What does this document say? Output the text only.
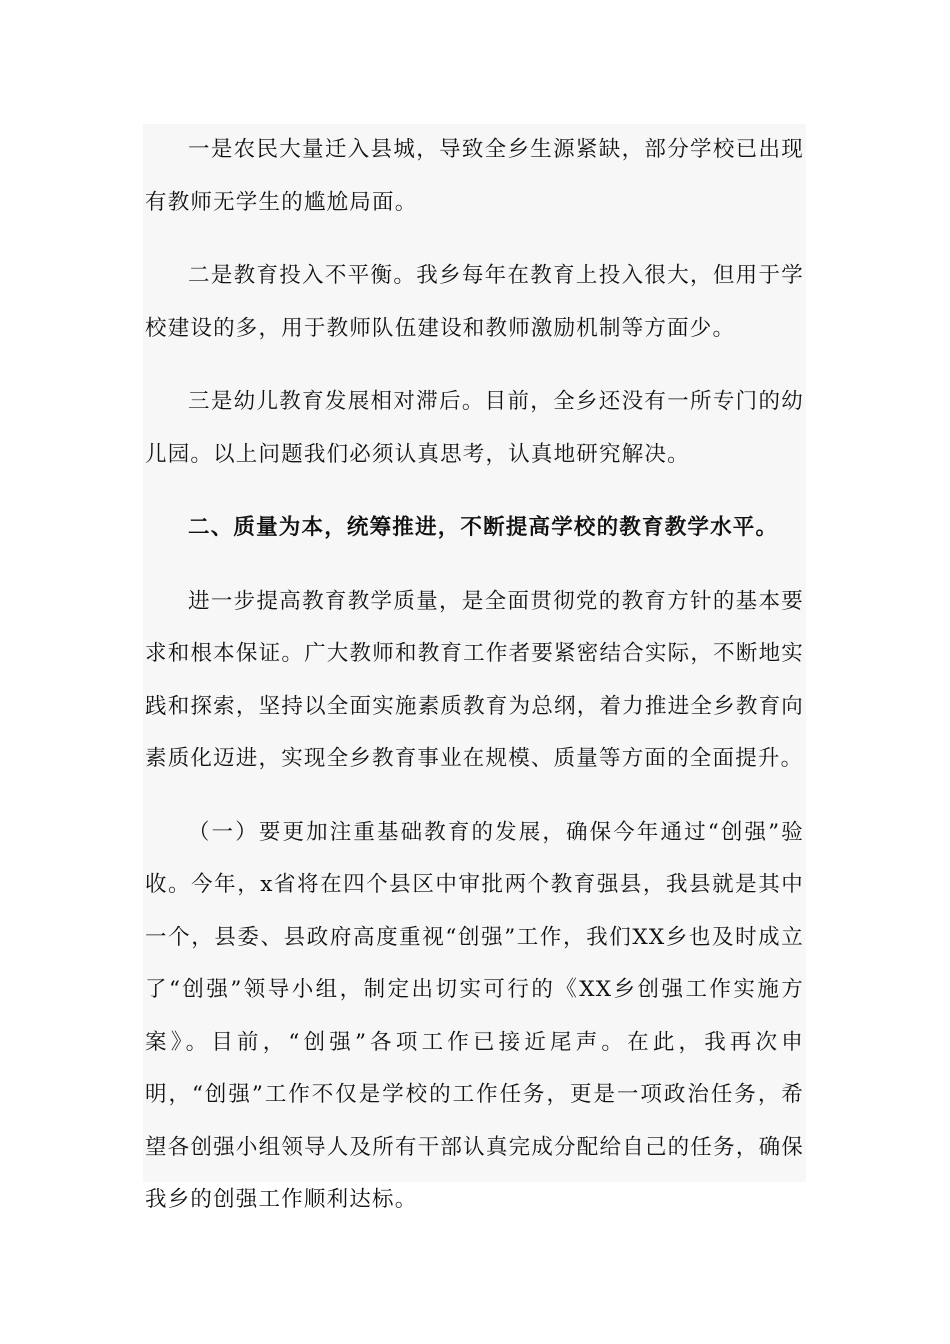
一是农民大量迁入县城，导致全乡生源紧缺，部分学校已出现有教师无学生的尴尬局面。

二是教育投入不平衡。我乡每年在教育上投入很大，但用于学校建设的多，用于教师队伍建设和教师激励机制等方面少。

三是幼儿教育发展相对滞后。目前，全乡还没有一所专门的幼儿园。以上问题我们必须认真思考，认真地研究解决。

二、质量为本，统筹推进，不断提高学校的教育教学水平。

进一步提高教育教学质量，是全面贯彻党的教育方针的基本要求和根本保证。广大教师和教育工作者要紧密结合实际，不断地实践和探索，坚持以全面实施素质教育为总纲，着力推进全乡教育向素质化迈进，实现全乡教育事业在规模、质量等方面的全面提升。

（一）要更加注重基础教育的发展，确保今年通过“创强”验收。今年，x省将在四个县区中审批两个教育强县，我县就是其中一个，县委、县政府高度重视“创强”工作，我们XX乡也及时成立了“创强”领导小组，制定出切实可行的《XX乡创强工作实施方案》。目前，“创强”各项工作已接近尾声。在此，我再次申明，“创强”工作不仅是学校的工作任务，更是一项政治任务，希望各创强小组领导人及所有干部认真完成分配给自己的任务，确保我乡的创强工作顺利达标。
